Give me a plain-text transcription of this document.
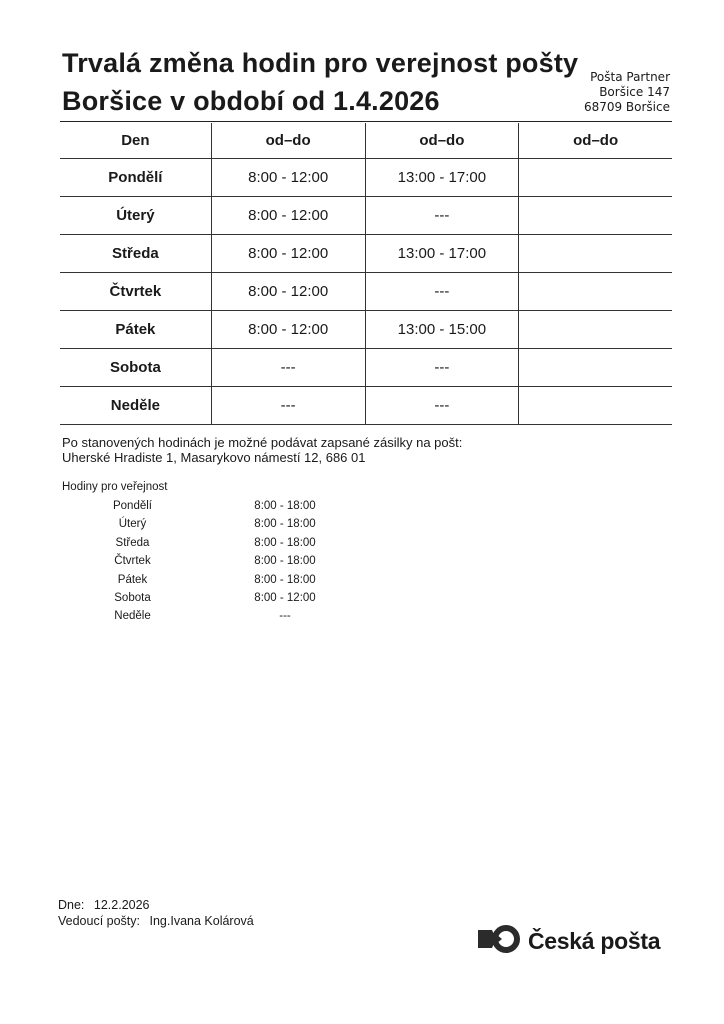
Trvalá změna hodin pro verejnost pošty
Boršice v období od 1.4.2026
Pošta Partner
Boršice 147
68709 Boršice
Den	od–do	od–do	od–do
Pondělí	8:00 - 12:00	13:00 - 17:00	
Úterý	8:00 - 12:00	---	
Středa	8:00 - 12:00	13:00 - 17:00	
Čtvrtek	8:00 - 12:00	---	
Pátek	8:00 - 12:00	13:00 - 15:00	
Sobota	---	---	
Neděle	---	---	
Po stanovených hodinách je možné podávat zapsané zásilky na pošt:
Uherské Hradiste 1, Masarykovo námestí 12, 686 01
Hodiny pro veřejnost
Pondělí	8:00 - 18:00
Úterý	8:00 - 18:00
Středa	8:00 - 18:00
Čtvrtek	8:00 - 18:00
Pátek	8:00 - 18:00
Sobota	8:00 - 12:00
Neděle	---
Dne: 12.2.2026
Vedoucí pošty: Ing.Ivana Kolárová
Česká pošta
